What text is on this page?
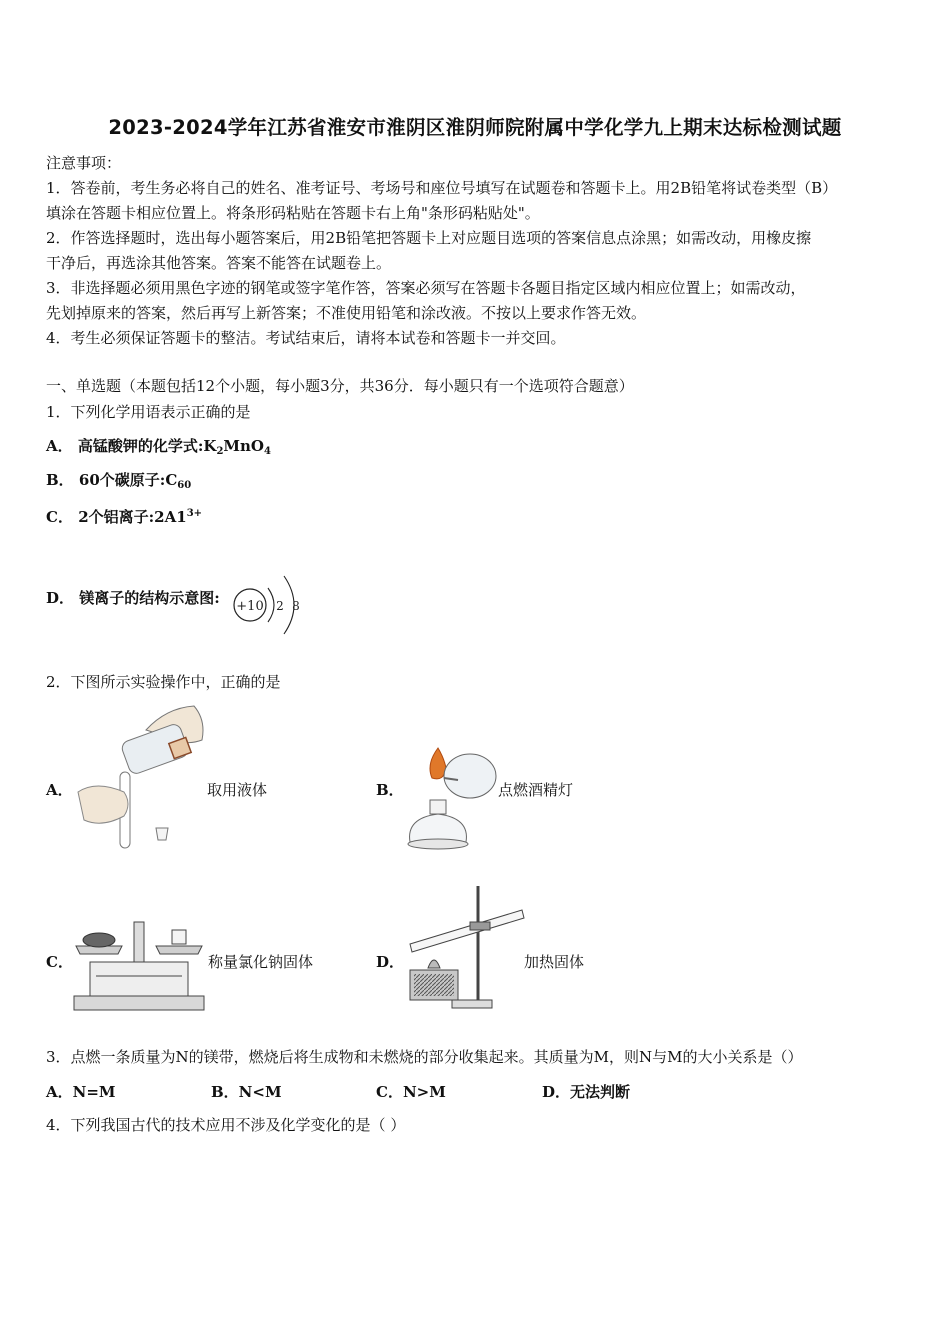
2023-2024学年江苏省淮安市淮阴区淮阴师院附属中学化学九上期末达标检测试题
注意事项：
1．答卷前，考生务必将自己的姓名、准考证号、考场号和座位号填写在试题卷和答题卡上。用2B铅笔将试卷类型（B）
填涂在答题卡相应位置上。将条形码粘贴在答题卡右上角"条形码粘贴处"。
2．作答选择题时，选出每小题答案后，用2B铅笔把答题卡上对应题目选项的答案信息点涂黑；如需改动，用橡皮擦
干净后，再选涂其他答案。答案不能答在试题卷上。
3．非选择题必须用黑色字迹的钢笔或签字笔作答，答案必须写在答题卡各题目指定区域内相应位置上；如需改动，
先划掉原来的答案，然后再写上新答案；不准使用铅笔和涂改液。不按以上要求作答无效。
4．考生必须保证答题卡的整洁。考试结束后，请将本试卷和答题卡一并交回。
一、单选题（本题包括12个小题，每小题3分，共36分．每小题只有一个选项符合题意）
1．下列化学用语表示正确的是
A． 高锰酸钾的化学式$:K_2MnO_4$
B． 60个碳原子$:C_{60}$
C． 2个铝离子$:2A1^{3+}$
D． 镁离子的结构示意图: +10 2 8
2．下图所示实验操作中，正确的是
A．	取用液体	B．	点燃酒精灯
C．	称量氯化钠固体	D．	加热固体
3．点燃一条质量为N的镁带，燃烧后将生成物和未燃烧的部分收集起来。其质量为M，则N与M的大小关系是（）
A．N=M	B．N<M	C．N>M	D．无法判断
4．下列我国古代的技术应用不涉及化学变化的是（ ）
